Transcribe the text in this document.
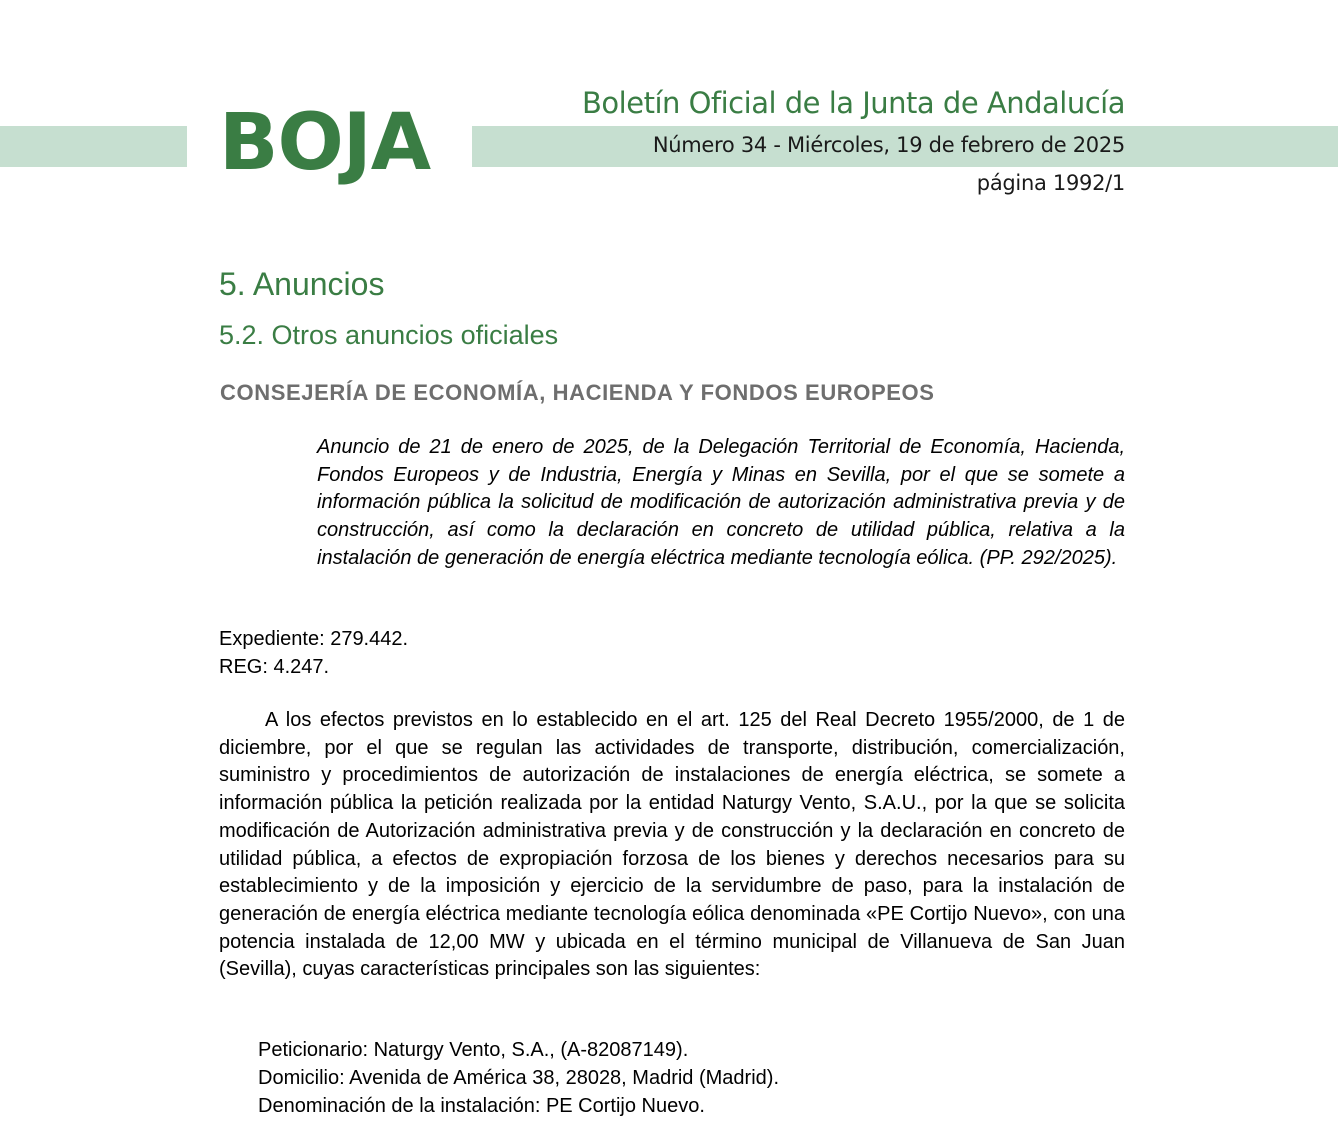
BOJA	Boletín Oficial de la Junta de Andalucía
Número 34 - Miércoles, 19 de febrero de 2025
página 1992/1
5. Anuncios
5.2. Otros anuncios oficiales
CONSEJERÍA DE ECONOMÍA, HACIENDA Y FONDOS EUROPEOS

Anuncio de 21 de enero de 2025, de la Delegación Territorial de Economía, Hacienda, Fondos Europeos y de Industria, Energía y Minas en Sevilla, por el que se somete a información pública la solicitud de modificación de autorización administrativa previa y de construcción, así como la declaración en concreto de utilidad pública, relativa a la instalación de generación de energía eléctrica mediante tecnología eólica. (PP. 292/2025).

Expediente: 279.442.
REG: 4.247.

A los efectos previstos en lo establecido en el art. 125 del Real Decreto 1955/2000, de 1 de diciembre, por el que se regulan las actividades de transporte, distribución, comercialización, suministro y procedimientos de autorización de instalaciones de energía eléctrica, se somete a información pública la petición realizada por la entidad Naturgy Vento, S.A.U., por la que se solicita modificación de Autorización administrativa previa y de construcción y la declaración en concreto de utilidad pública, a efectos de expropiación forzosa de los bienes y derechos necesarios para su establecimiento y de la imposición y ejercicio de la servidumbre de paso, para la instalación de generación de energía eléctrica mediante tecnología eólica denominada «PE Cortijo Nuevo», con una potencia instalada de 12,00 MW y ubicada en el término municipal de Villanueva de San Juan (Sevilla), cuyas características principales son las siguientes:

Peticionario: Naturgy Vento, S.A., (A-82087149).
Domicilio: Avenida de América 38, 28028, Madrid (Madrid).
Denominación de la instalación: PE Cortijo Nuevo.
